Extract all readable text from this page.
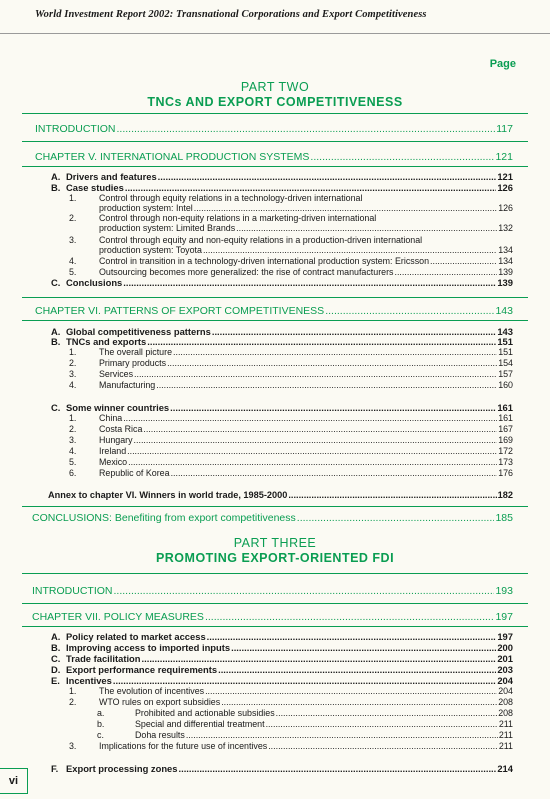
World Investment Report 2002: Transnational Corporations and Export Competitiveness
Page
PART TWO
TNCs AND EXPORT COMPETITIVENESS
INTRODUCTION .....	117
CHAPTER V. INTERNATIONAL PRODUCTION SYSTEMS .....	121
A. Drivers and features .....	121
B. Case studies .....	126
1.	Control through equity relations in a technology-driven international
production system: Intel .....	126
2.	Control through non-equity relations in a marketing-driven international
production system: Limited Brands .....	132
3.	Control through equity and non-equity relations in a production-driven international
production system: Toyota .....	134
4.	Control in transition in a technology-driven international production system: Ericsson .....	134
5.	Outsourcing becomes more generalized: the rise of contract manufacturers .....	139
C. Conclusions .....	139
CHAPTER VI. PATTERNS OF EXPORT COMPETITIVENESS .....	143
A. Global competitiveness patterns .....	143
B. TNCs and exports .....	151
1.	The overall picture .....	151
2.	Primary products .....	154
3.	Services .....	157
4.	Manufacturing .....	160
C. Some winner countries .....	161
1.	China .....	161
2.	Costa Rica .....	167
3.	Hungary .....	169
4.	Ireland .....	172
5.	Mexico .....	173
6.	Republic of Korea .....	176
Annex to chapter VI. Winners in world trade, 1985-2000 .....	182
CONCLUSIONS: Benefiting from export competitiveness .....	185
PART THREE
PROMOTING EXPORT-ORIENTED FDI
INTRODUCTION .....	193
CHAPTER VII. POLICY MEASURES .....	197
A. Policy related to market access .....	197
B. Improving access to imported inputs .....	200
C. Trade facilitation .....	201
D. Export performance requirements .....	203
E. Incentives .....	204
1.	The evolution of incentives .....	204
2.	WTO rules on export subsidies .....	208
a.	Prohibited and actionable subsidies .....	208
b.	Special and differential treatment .....	211
c.	Doha results .....	211
3.	Implications for the future use of incentives .....	211
F. Export processing zones .....	214
vi
